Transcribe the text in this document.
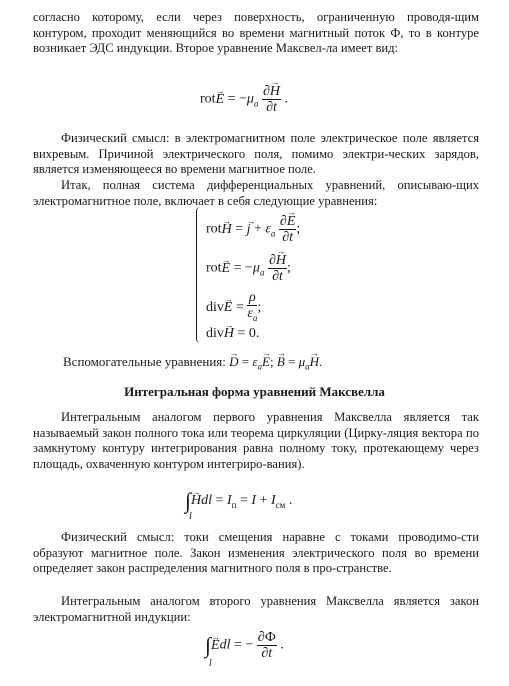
согласно которому, если через поверхность, ограниченную проводя-щим контуром, проходит меняющийся во времени магнитный поток Ф, то в контуре возникает ЭДС индукции. Второе уравнение Максвел-ла имеет вид:

$rot\to E = -\mu_a \frac{\partial\to H}{\partial t}$ .

Физический смысл: в электромагнитном поле электрическое поле является вихревым. Причиной электрического поля, помимо электри-ческих зарядов, является изменяющееся во времени магнитное поле.

Итак, полная система дифференциальных уравнений, описываю-щих электромагнитное поле, включает в себя следующие уравнения:

rot→ H = → $j + \varepsilon_a \frac{\partial\to E}{\partial t}$ ;
$rot\to E = -\mu_a \frac{\partial\to H}{\partial t}$ ;
$div\to E = \frac{\rho}{\varepsilon_a}$ ;
div→ H = 0.
Вспомогательные уравнения: → $D = \varepsilon_a\to E$; → $B = \mu_a\to H$.

Интегральная форма уравнений Максвелла

Интегральным аналогом первого уравнения Максвелла является так называемый закон полного тока или теорема циркуляции (Цирку-ляция вектора по замкнутому контуру интегрирования равна полному току, протекающему через площадь, охваченную контуром интегриро-вания).

∫→ Hdl = $I_п = I + I_{см}$ .
l

Физический смысл: токи смещения наравне с токами проводимо-сти образуют магнитное поле. Закон изменения электрического поля во времени определяет закон распределения магнитного поля в про-странстве.

Интегральным аналогом второго уравнения Максвелла является закон электромагнитной индукции:

∫→ Edl = − $\frac{\partial Ф}{\partial t}$ .
l
